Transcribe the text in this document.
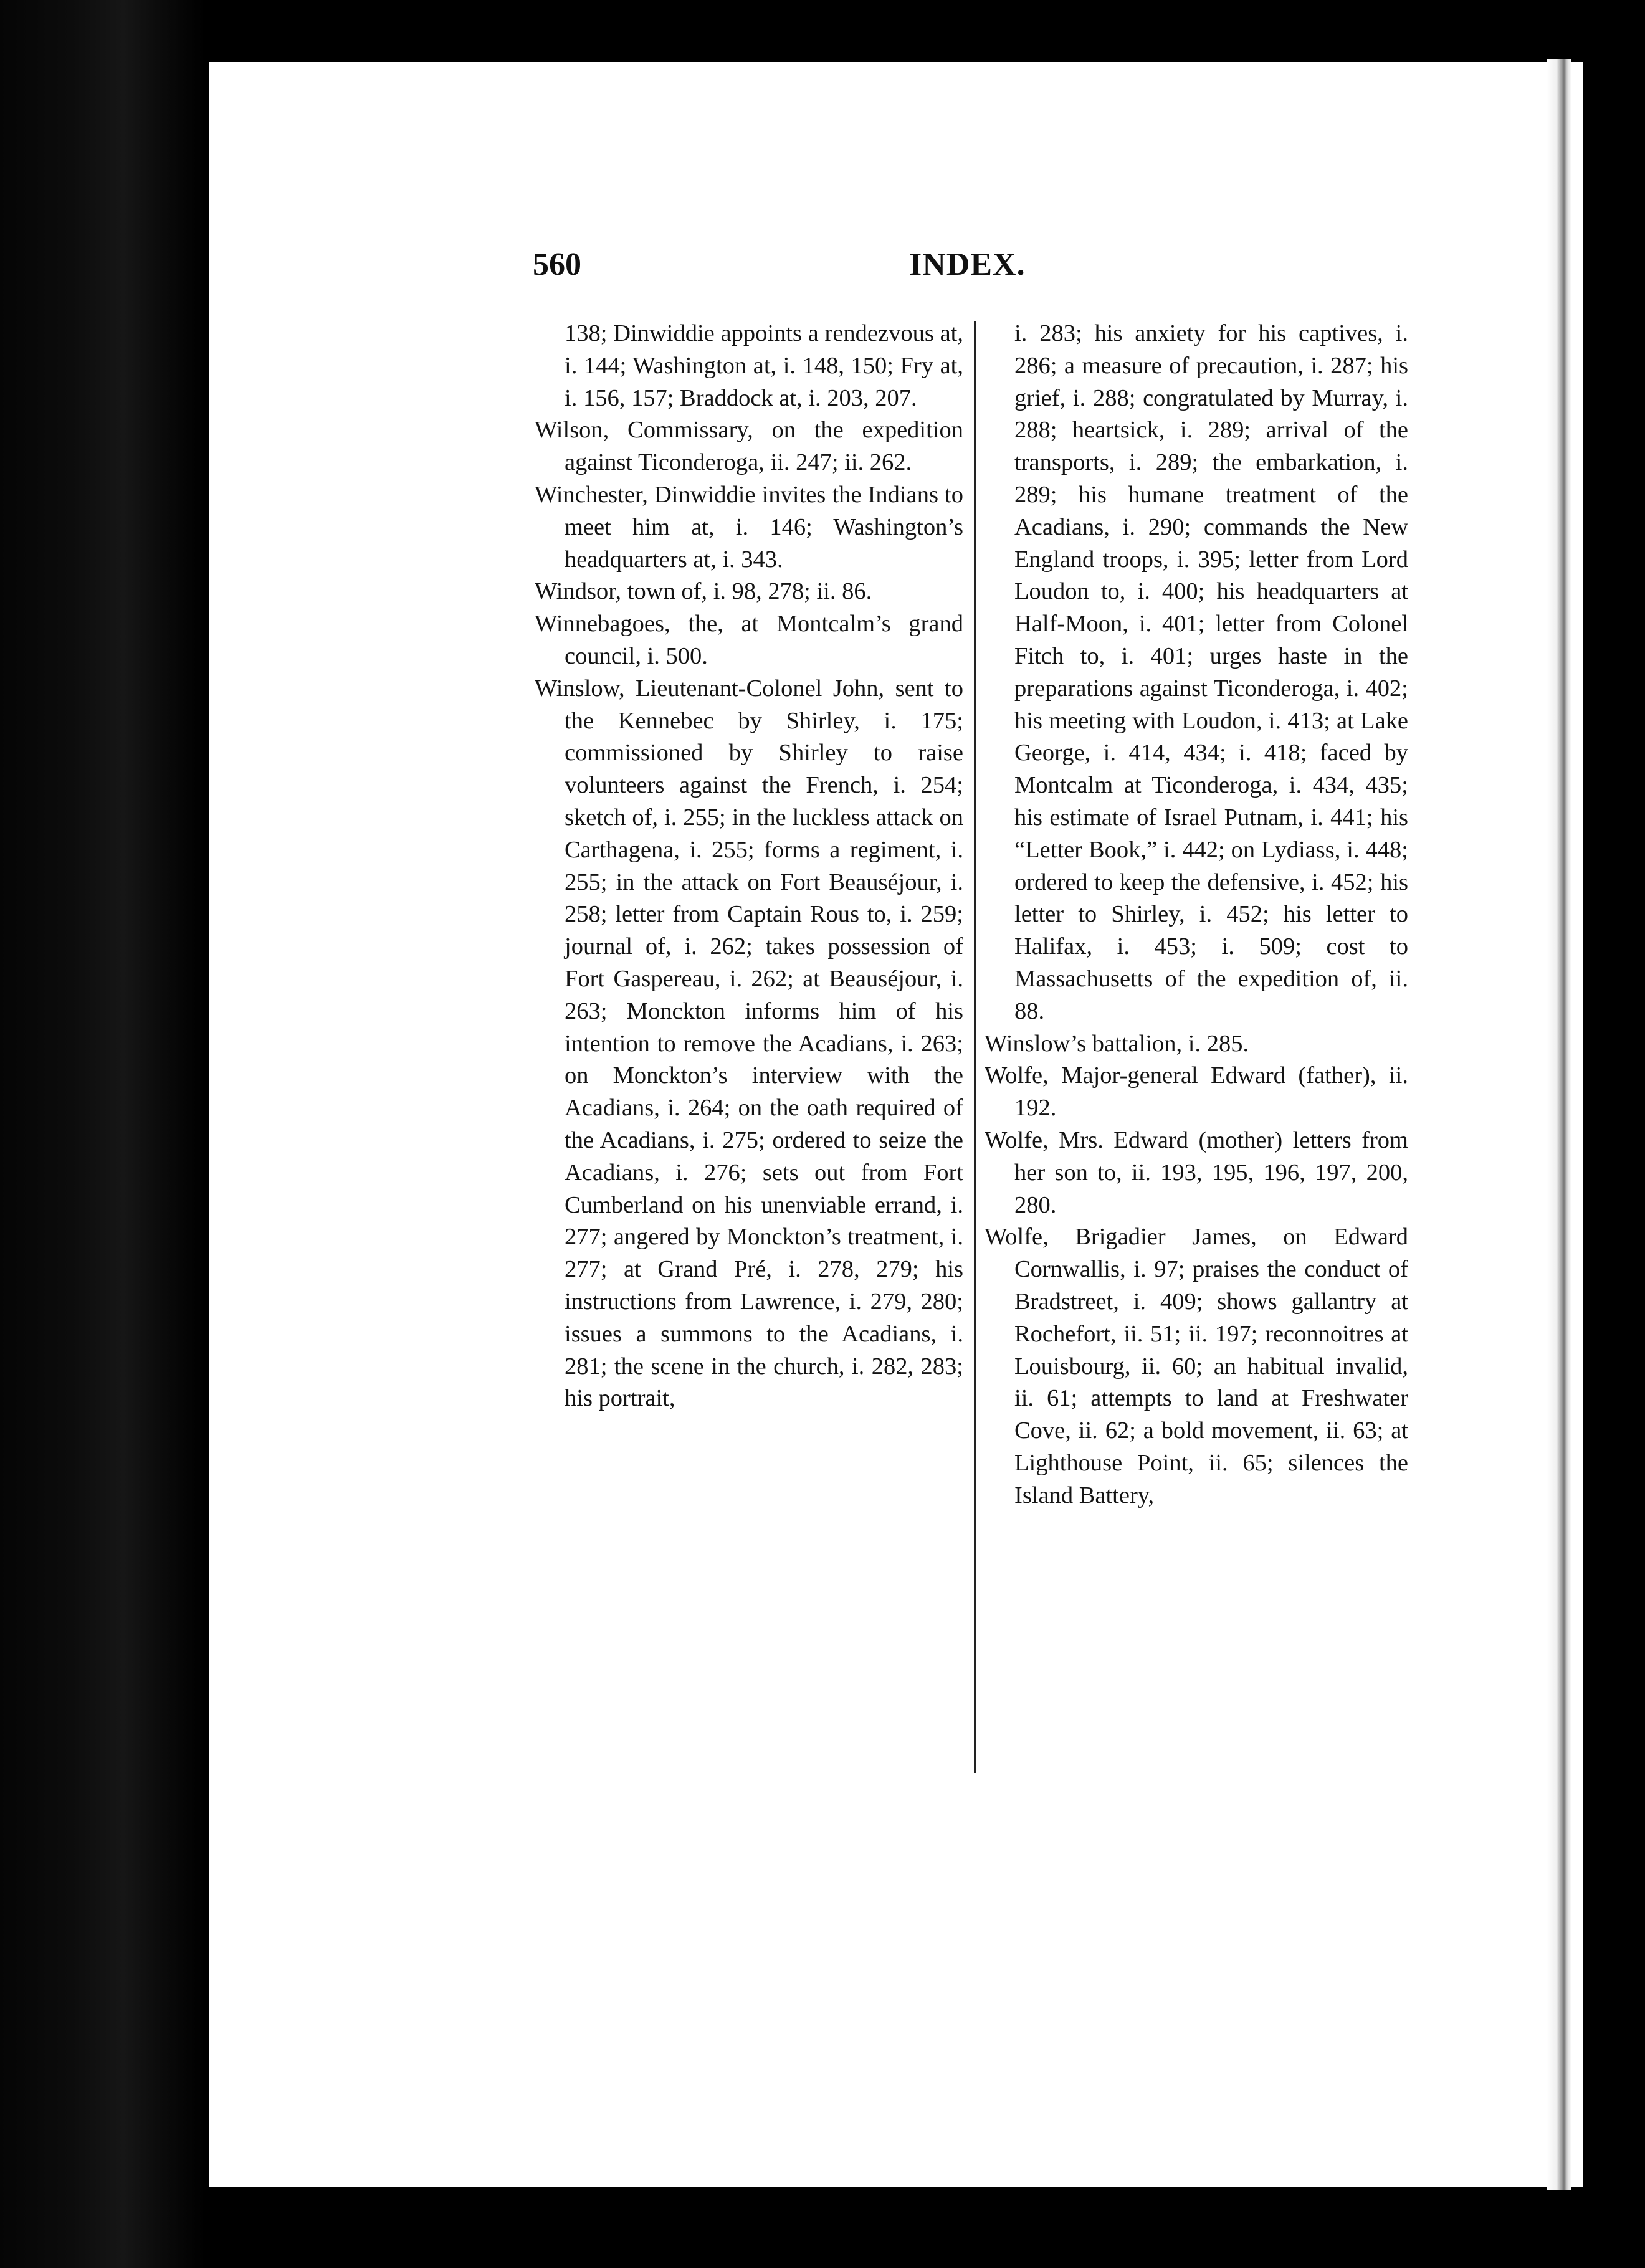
560	INDEX.

138; Dinwiddie appoints a rendezvous at, i. 144; Washington at, i. 148, 150; Fry at, i. 156, 157; Braddock at, i. 203, 207.

Wilson, Commissary, on the expedition against Ticonderoga, ii. 247; ii. 262.

Winchester, Dinwiddie invites the Indians to meet him at, i. 146; Washington’s headquarters at, i. 343.

Windsor, town of, i. 98, 278; ii. 86.

Winnebagoes, the, at Montcalm’s grand council, i. 500.

Winslow, Lieutenant-Colonel John, sent to the Kennebec by Shirley, i. 175; commissioned by Shirley to raise volunteers against the French, i. 254; sketch of, i. 255; in the luckless attack on Carthagena, i. 255; forms a regiment, i. 255; in the attack on Fort Beauséjour, i. 258; letter from Captain Rous to, i. 259; journal of, i. 262; takes possession of Fort Gaspereau, i. 262; at Beauséjour, i. 263; Monckton informs him of his intention to remove the Acadians, i. 263; on Monckton’s interview with the Acadians, i. 264; on the oath required of the Acadians, i. 275; ordered to seize the Acadians, i. 276; sets out from Fort Cumberland on his unenviable errand, i. 277; angered by Monckton’s treatment, i. 277; at Grand Pré, i. 278, 279; his instructions from Lawrence, i. 279, 280; issues a summons to the Acadians, i. 281; the scene in the church, i. 282, 283; his portrait,

i. 283; his anxiety for his captives, i. 286; a measure of precaution, i. 287; his grief, i. 288; congratulated by Murray, i. 288; heartsick, i. 289; arrival of the transports, i. 289; the embarkation, i. 289; his humane treatment of the Acadians, i. 290; commands the New England troops, i. 395; letter from Lord Loudon to, i. 400; his headquarters at Half-Moon, i. 401; letter from Colonel Fitch to, i. 401; urges haste in the preparations against Ticonderoga, i. 402; his meeting with Loudon, i. 413; at Lake George, i. 414, 434; i. 418; faced by Montcalm at Ticonderoga, i. 434, 435; his estimate of Israel Putnam, i. 441; his “Letter Book,” i. 442; on Lydiass, i. 448; ordered to keep the defensive, i. 452; his letter to Shirley, i. 452; his letter to Halifax, i. 453; i. 509; cost to Massachusetts of the expedition of, ii. 88.

Winslow’s battalion, i. 285.

Wolfe, Major-general Edward (father), ii. 192.

Wolfe, Mrs. Edward (mother) letters from her son to, ii. 193, 195, 196, 197, 200, 280.

Wolfe, Brigadier James, on Edward Cornwallis, i. 97; praises the conduct of Bradstreet, i. 409; shows gallantry at Rochefort, ii. 51; ii. 197; reconnoitres at Louisbourg, ii. 60; an habitual invalid, ii. 61; attempts to land at Freshwater Cove, ii. 62; a bold movement, ii. 63; at Lighthouse Point, ii. 65; silences the Island Battery,
